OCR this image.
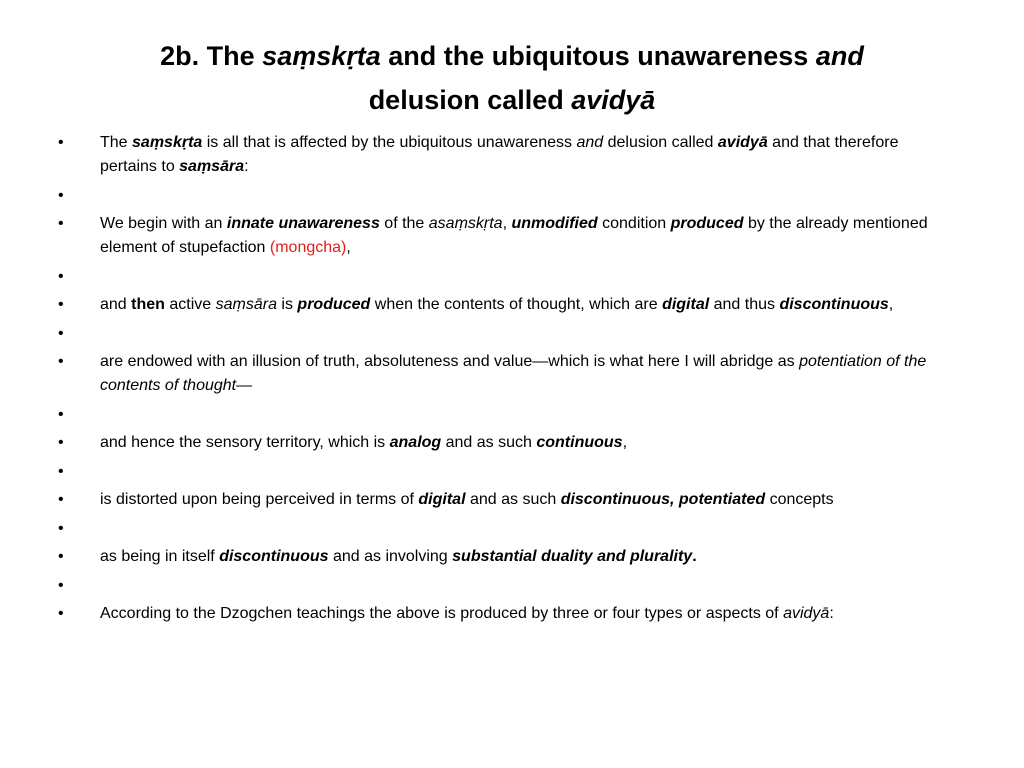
2b. The saṃskṛta and the ubiquitous unawareness and
delusion called avidyā
•	The saṃskṛta is all that is affected by the ubiquitous unawareness and delusion called avidyā and that therefore pertains to saṃsāra:
•
•	We begin with an innate unawareness of the asaṃskṛta, unmodified condition produced by the already mentioned element of stupefaction (mongcha),
•
•	and then active saṃsāra is produced when the contents of thought, which are digital and thus discontinuous,
•
•	are endowed with an illusion of truth, absoluteness and value—which is what here I will abridge as potentiation of the contents of thought—
•
•	and hence the sensory territory, which is analog and as such continuous,
•
•	is distorted upon being perceived in terms of digital and as such discontinuous, potentiated concepts
•
•	as being in itself discontinuous and as involving substantial duality and plurality.
•
•	According to the Dzogchen teachings the above is produced by three or four types or aspects of avidyā:
